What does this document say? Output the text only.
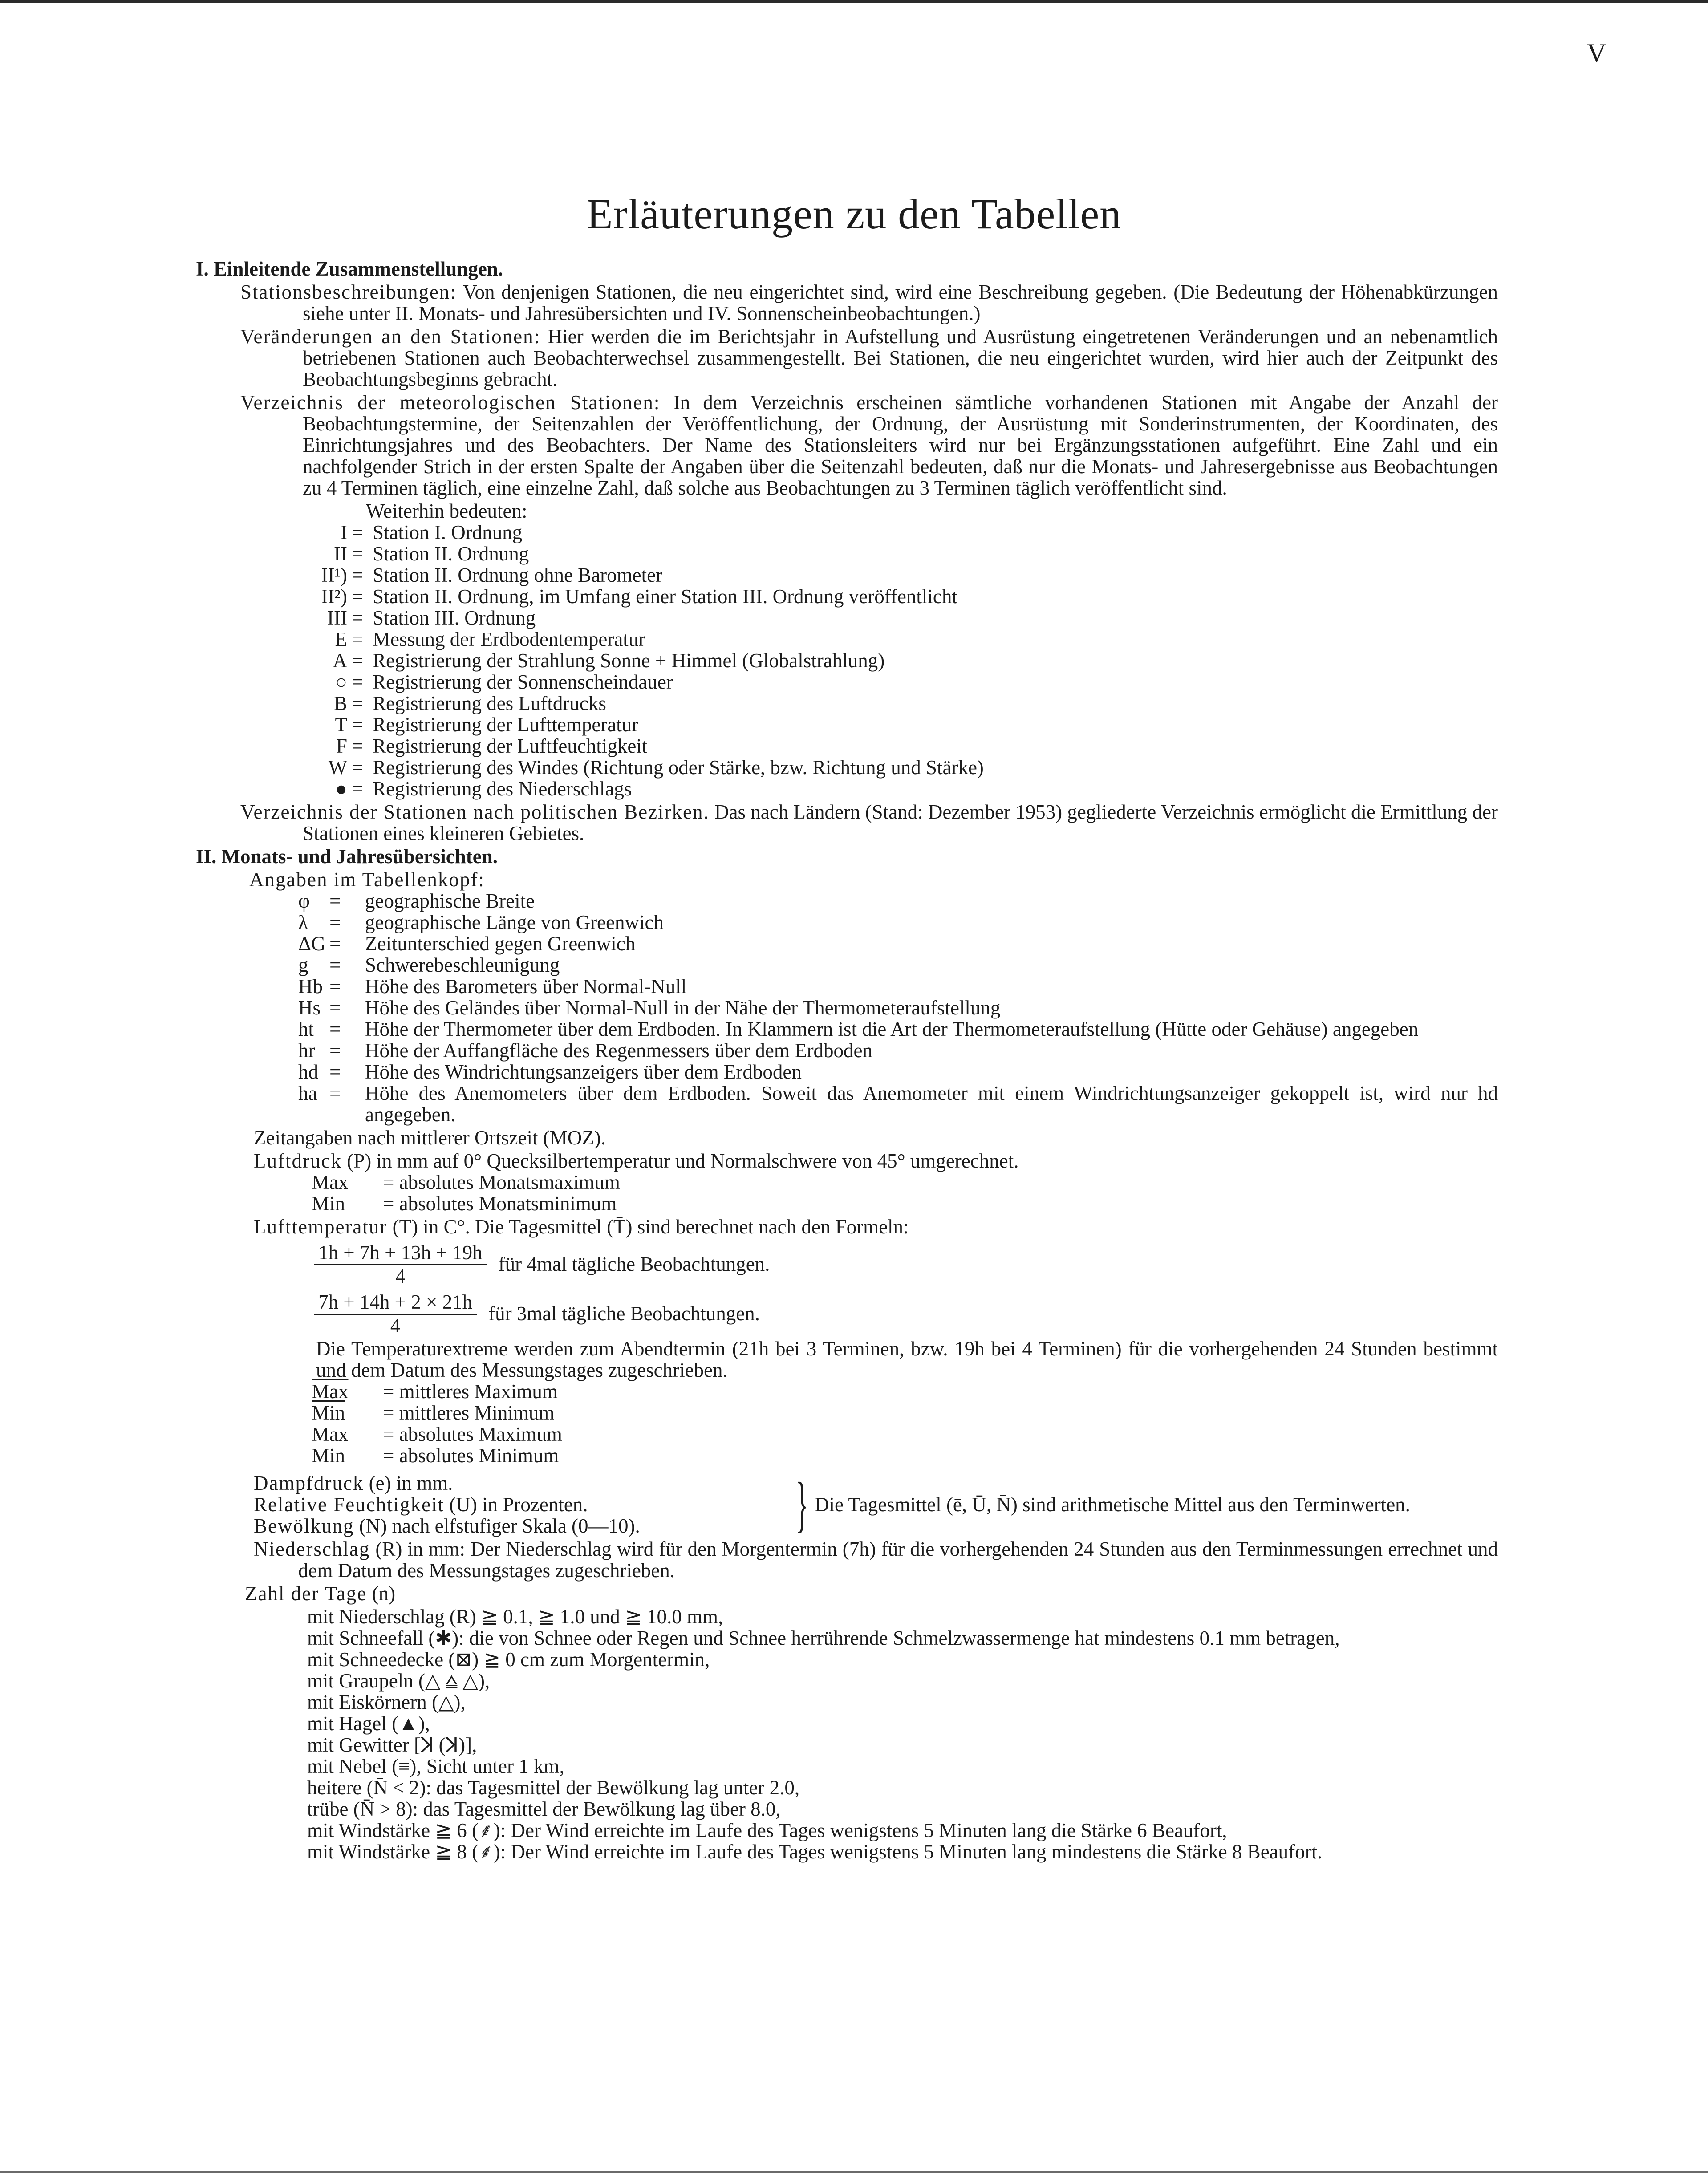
V
Erläuterungen zu den Tabellen
I. Einleitende Zusammenstellungen.
Stationsbeschreibungen: Von denjenigen Stationen, die neu eingerichtet sind, wird eine Beschreibung gegeben. (Die Bedeutung der Höhenabkürzungen siehe unter II. Monats- und Jahresübersichten und IV. Sonnenscheinbeobachtungen.)
Veränderungen an den Stationen: Hier werden die im Berichtsjahr in Aufstellung und Ausrüstung eingetretenen Veränderungen und an nebenamtlich betriebenen Stationen auch Beobachterwechsel zusammengestellt. Bei Stationen, die neu eingerichtet wurden, wird hier auch der Zeitpunkt des Beobachtungsbeginns gebracht.
Verzeichnis der meteorologischen Stationen: In dem Verzeichnis erscheinen sämtliche vorhandenen Stationen mit Angabe der Anzahl der Beobachtungstermine, der Seitenzahlen der Veröffentlichung, der Ordnung, der Ausrüstung mit Sonderinstrumenten, der Koordinaten, des Einrichtungsjahres und des Beobachters. Der Name des Stationsleiters wird nur bei Ergänzungsstationen aufgeführt. Eine Zahl und ein nachfolgender Strich in der ersten Spalte der Angaben über die Seitenzahl bedeuten, daß nur die Monats- und Jahresergebnisse aus Beobachtungen zu 4 Terminen täglich, eine einzelne Zahl, daß solche aus Beobachtungen zu 3 Terminen täglich veröffentlicht sind.
Weiterhin bedeuten:
I = Station I. Ordnung
II = Station II. Ordnung
II¹) = Station II. Ordnung ohne Barometer
II²) = Station II. Ordnung, im Umfang einer Station III. Ordnung veröffentlicht
III = Station III. Ordnung
E = Messung der Erdbodentemperatur
A = Registrierung der Strahlung Sonne + Himmel (Globalstrahlung)
○ = Registrierung der Sonnenscheindauer
B = Registrierung des Luftdrucks
T = Registrierung der Lufttemperatur
F = Registrierung der Luftfeuchtigkeit
W = Registrierung des Windes (Richtung oder Stärke, bzw. Richtung und Stärke)
● = Registrierung des Niederschlags
Verzeichnis der Stationen nach politischen Bezirken. Das nach Ländern (Stand: Dezember 1953) gegliederte Verzeichnis ermöglicht die Ermittlung der Stationen eines kleineren Gebietes.
II. Monats- und Jahresübersichten.
Angaben im Tabellenkopf:
φ = geographische Breite
λ	= geographische Länge von Greenwich
ΔG = Zeitunterschied gegen Greenwich
g	= Schwerebeschleunigung
Hb = Höhe des Barometers über Normal-Null
Hs = Höhe des Geländes über Normal-Null in der Nähe der Thermometeraufstellung
ht = Höhe der Thermometer über dem Erdboden. In Klammern ist die Art der Thermometeraufstellung (Hütte oder Gehäuse) angegeben
hr = Höhe der Auffangfläche des Regenmessers über dem Erdboden
hd = Höhe des Windrichtungsanzeigers über dem Erdboden
ha = Höhe des Anemometers über dem Erdboden. Soweit das Anemometer mit einem Windrichtungsanzeiger gekoppelt ist, wird nur hd angegeben.
Zeitangaben nach mittlerer Ortszeit (MOZ).
Luftdruck (P) in mm auf 0° Quecksilbertemperatur und Normalschwere von 45° umgerechnet.
Max = absolutes Monatsmaximum
Min = absolutes Monatsminimum
Lufttemperatur (T) in C°. Die Tagesmittel (T̄) sind berechnet nach den Formeln:
$\frac{1h + 7h + 13h + 19h}{4}$ für 4mal tägliche Beobachtungen.
$\frac{7h + 14h + 2 \times 21h}{4}$ für 3mal tägliche Beobachtungen.
Die Temperaturextreme werden zum Abendtermin (21h bei 3 Terminen, bzw. 19h bei 4 Terminen) für die vorhergehenden 24 Stunden bestimmt und dem Datum des Messungstages zugeschrieben.
$\overline{Max}$ = mittleres Maximum
$\overline{Min}$ = mittleres Minimum
Max = absolutes Maximum
Min = absolutes Minimum
Dampfdruck (e) in mm.
Relative Feuchtigkeit (U) in Prozenten.
Bewölkung (N) nach elfstufiger Skala (0—10).	} Die Tagesmittel (ē, Ū, N̄) sind arithmetische Mittel aus den Terminwerten.
Niederschlag (R) in mm: Der Niederschlag wird für den Morgentermin (7h) für die vorhergehenden 24 Stunden aus den Terminmessungen errechnet und dem Datum des Messungstages zugeschrieben.
Zahl der Tage (n)
mit Niederschlag (R) ≧ 0.1, ≧ 1.0 und ≧ 10.0 mm,
mit Schneefall (✱): die von Schnee oder Regen und Schnee herrührende Schmelzwassermenge hat mindestens 0.1 mm betragen,
mit Schneedecke (⊠) ≧ 0 cm zum Morgentermin,
mit Graupeln (△ ⩠ △),
mit Eiskörnern (△),
mit Hagel (▲),
mit Gewitter [ꓘ (ꓘ)],
mit Nebel (≡), Sicht unter 1 km,
heitere (N̄ < 2): das Tagesmittel der Bewölkung lag unter 2.0,
trübe (N̄ > 8): das Tagesmittel der Bewölkung lag über 8.0,
mit Windstärke ≧ 6 (⸙): Der Wind erreichte im Laufe des Tages wenigstens 5 Minuten lang die Stärke 6 Beaufort,
mit Windstärke ≧ 8 (⸙): Der Wind erreichte im Laufe des Tages wenigstens 5 Minuten lang mindestens die Stärke 8 Beaufort.
